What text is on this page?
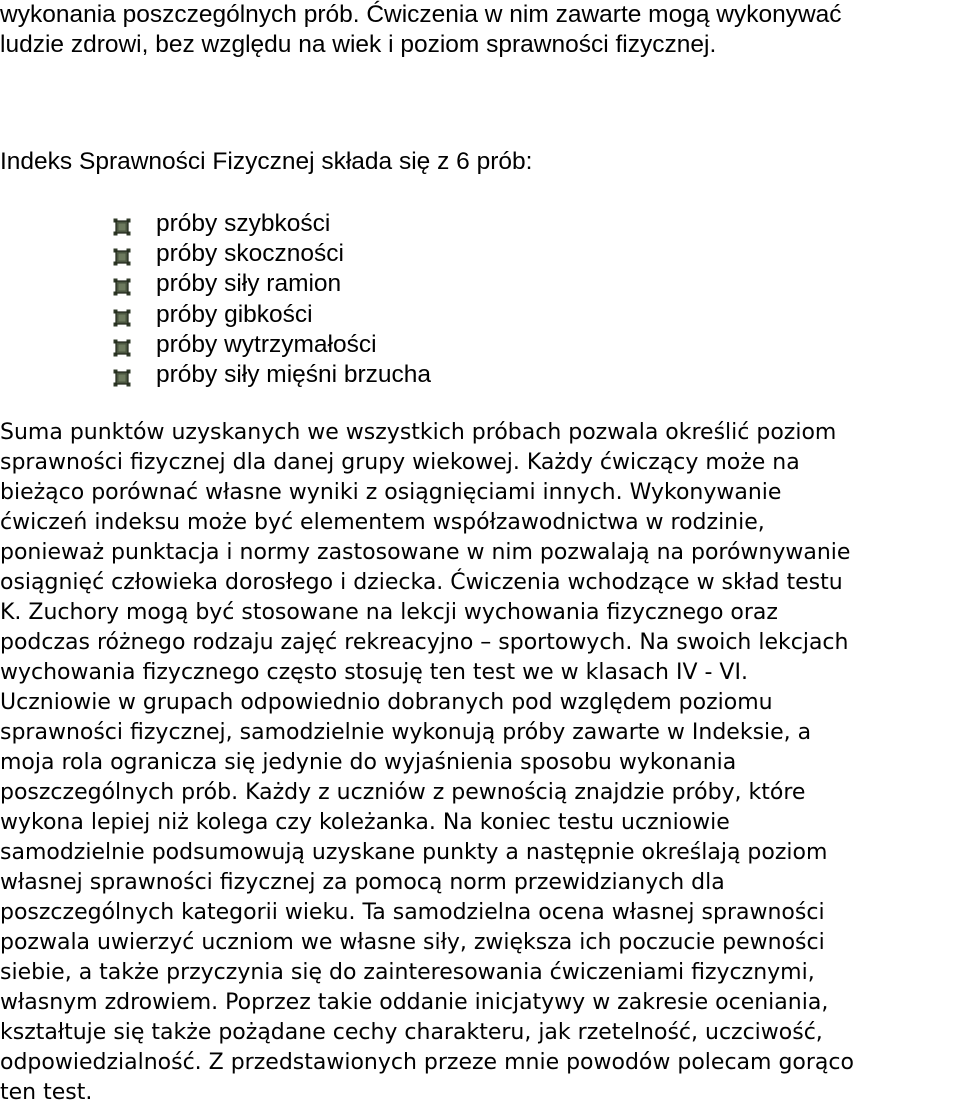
wykonania poszczególnych prób. Ćwiczenia w nim zawarte mogą wykonywać
ludzie zdrowi, bez względu na wiek i poziom sprawności fizycznej.

Indeks Sprawności Fizycznej składa się z 6 prób:

próby szybkości
próby skoczności
próby siły ramion
próby gibkości
próby wytrzymałości
próby siły mięśni brzucha

Suma punktów uzyskanych we wszystkich próbach pozwala określić poziom
sprawności fizycznej dla danej grupy wiekowej. Każdy ćwiczący może na
bieżąco porównać własne wyniki z osiągnięciami innych. Wykonywanie
ćwiczeń indeksu może być elementem współzawodnictwa w rodzinie,
ponieważ punktacja i normy zastosowane w nim pozwalają na porównywanie
osiągnięć człowieka dorosłego i dziecka. Ćwiczenia wchodzące w skład testu
K. Zuchory mogą być stosowane na lekcji wychowania fizycznego oraz
podczas różnego rodzaju zajęć rekreacyjno – sportowych. Na swoich lekcjach
wychowania fizycznego często stosuję ten test we w klasach IV - VI.
Uczniowie w grupach odpowiednio dobranych pod względem poziomu
sprawności fizycznej, samodzielnie wykonują próby zawarte w Indeksie, a
moja rola ogranicza się jedynie do wyjaśnienia sposobu wykonania
poszczególnych prób. Każdy z uczniów z pewnością znajdzie próby, które
wykona lepiej niż kolega czy koleżanka. Na koniec testu uczniowie
samodzielnie podsumowują uzyskane punkty a następnie określają poziom
własnej sprawności fizycznej za pomocą norm przewidzianych dla
poszczególnych kategorii wieku. Ta samodzielna ocena własnej sprawności
pozwala uwierzyć uczniom we własne siły, zwiększa ich poczucie pewności
siebie, a także przyczynia się do zainteresowania ćwiczeniami fizycznymi,
własnym zdrowiem. Poprzez takie oddanie inicjatywy w zakresie oceniania,
kształtuje się także pożądane cechy charakteru, jak rzetelność, uczciwość,
odpowiedzialność. Z przedstawionych przeze mnie powodów polecam gorąco
ten test.
